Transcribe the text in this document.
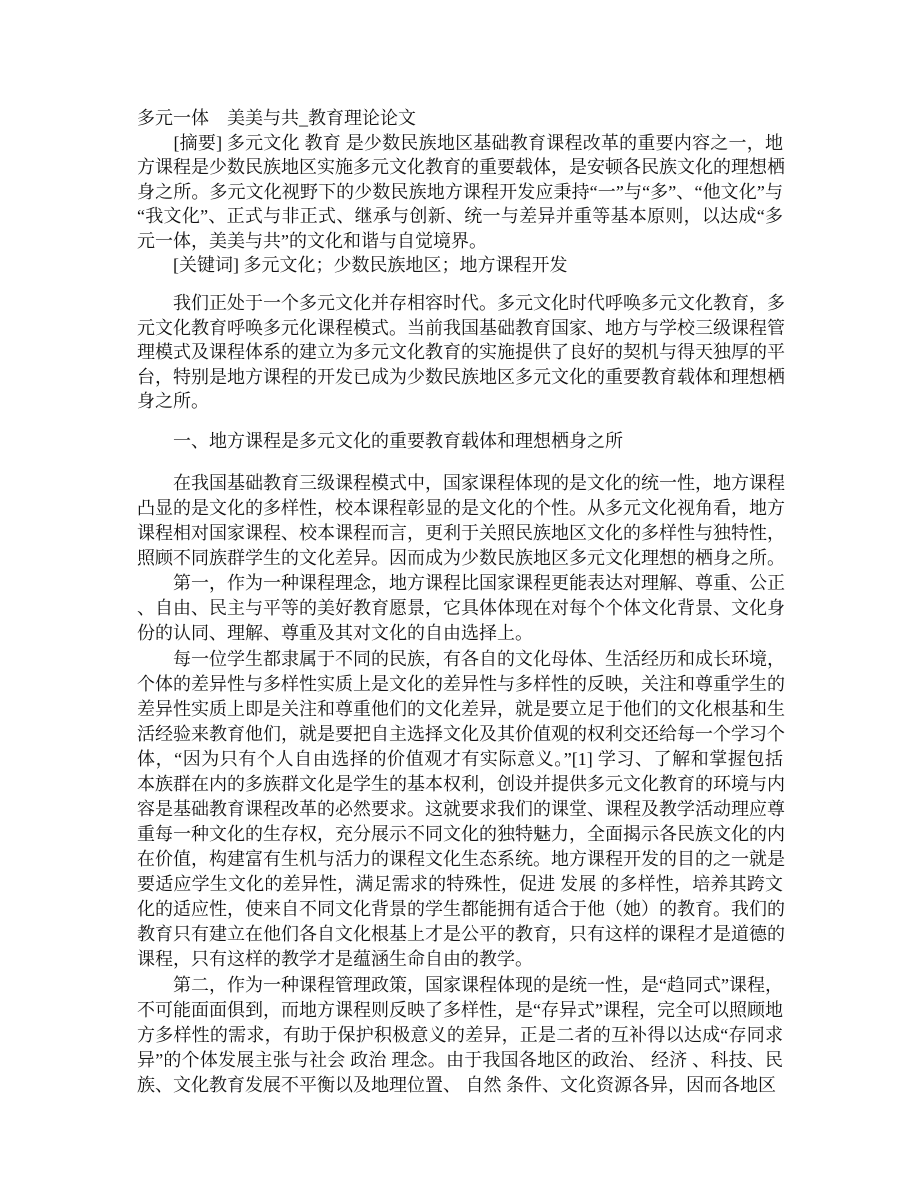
多元一体　美美与共_教育理论论文
　　[摘要] 多元文化 教育 是少数民族地区基础教育课程改革的重要内容之一，地
方课程是少数民族地区实施多元文化教育的重要载体，是安顿各民族文化的理想栖
身之所。多元文化视野下的少数民族地方课程开发应秉持“一”与“多”、“他文化”与
“我文化”、正式与非正式、继承与创新、统一与差异并重等基本原则，以达成“多
元一体，美美与共”的文化和谐与自觉境界。
　　[关键词] 多元文化；少数民族地区；地方课程开发
　　我们正处于一个多元文化并存相容时代。多元文化时代呼唤多元文化教育，多
元文化教育呼唤多元化课程模式。当前我国基础教育国家、地方与学校三级课程管
理模式及课程体系的建立为多元文化教育的实施提供了良好的契机与得天独厚的平
台，特别是地方课程的开发已成为少数民族地区多元文化的重要教育载体和理想栖
身之所。
　　一、地方课程是多元文化的重要教育载体和理想栖身之所
　　在我国基础教育三级课程模式中，国家课程体现的是文化的统一性，地方课程
凸显的是文化的多样性，校本课程彰显的是文化的个性。从多元文化视角看，地方
课程相对国家课程、校本课程而言，更利于关照民族地区文化的多样性与独特性，
照顾不同族群学生的文化差异。因而成为少数民族地区多元文化理想的栖身之所。
　　第一，作为一种课程理念，地方课程比国家课程更能表达对理解、尊重、公正
、自由、民主与平等的美好教育愿景，它具体体现在对每个个体文化背景、文化身
份的认同、理解、尊重及其对文化的自由选择上。
　　每一位学生都隶属于不同的民族，有各自的文化母体、生活经历和成长环境，
个体的差异性与多样性实质上是文化的差异性与多样性的反映，关注和尊重学生的
差异性实质上即是关注和尊重他们的文化差异，就是要立足于他们的文化根基和生
活经验来教育他们，就是要把自主选择文化及其价值观的权利交还给每一个学习个
体，“因为只有个人自由选择的价值观才有实际意义。”[1] 学习、了解和掌握包括
本族群在内的多族群文化是学生的基本权利，创设并提供多元文化教育的环境与内
容是基础教育课程改革的必然要求。这就要求我们的课堂、课程及教学活动理应尊
重每一种文化的生存权，充分展示不同文化的独特魅力，全面揭示各民族文化的内
在价值，构建富有生机与活力的课程文化生态系统。地方课程开发的目的之一就是
要适应学生文化的差异性，满足需求的特殊性，促进 发展 的多样性，培养其跨文
化的适应性，使来自不同文化背景的学生都能拥有适合于他（她）的教育。我们的
教育只有建立在他们各自文化根基上才是公平的教育，只有这样的课程才是道德的
课程，只有这样的教学才是蕴涵生命自由的教学。
　　第二，作为一种课程管理政策，国家课程体现的是统一性，是“趋同式”课程，
不可能面面俱到，而地方课程则反映了多样性，是“存异式”课程，完全可以照顾地
方多样性的需求，有助于保护积极意义的差异，正是二者的互补得以达成“存同求
异”的个体发展主张与社会 政治 理念。由于我国各地区的政治、 经济 、科技、民
族、文化教育发展不平衡以及地理位置、 自然 条件、文化资源各异，因而各地区
